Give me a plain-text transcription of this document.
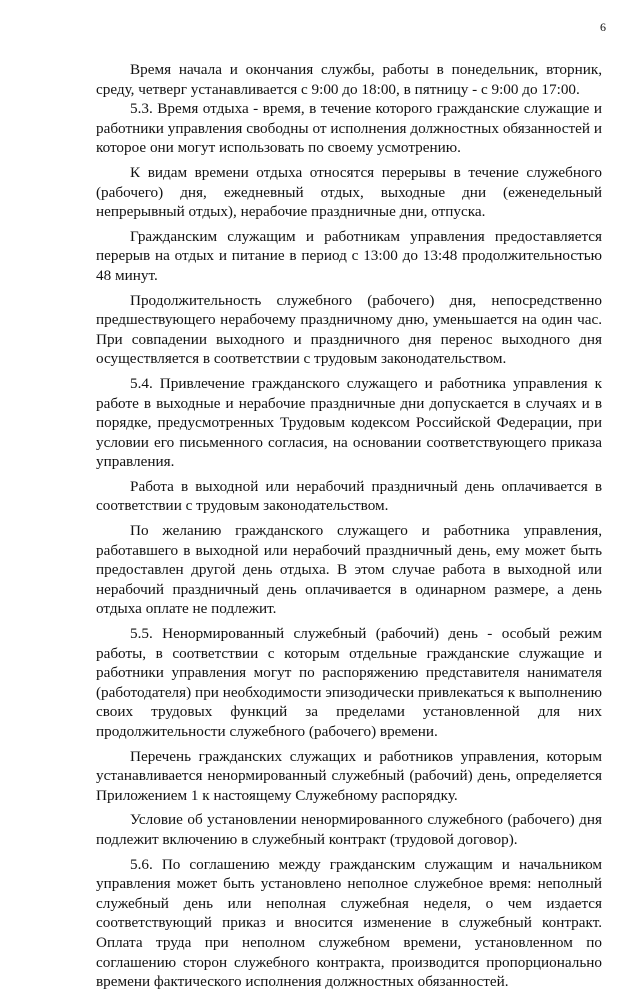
6

Время начала и окончания службы, работы в понедельник, вторник, среду, четверг устанавливается с 9:00 до 18:00, в пятницу - с 9:00 до 17:00.

5.3. Время отдыха - время, в течение которого гражданские служащие и работники управления свободны от исполнения должностных обязанностей и которое они могут использовать по своему усмотрению.

К видам времени отдыха относятся перерывы в течение служебного (рабочего) дня, ежедневный отдых, выходные дни (еженедельный непрерывный отдых), нерабочие праздничные дни, отпуска.

Гражданским служащим и работникам управления предоставляется перерыв на отдых и питание в период с 13:00 до 13:48 продолжительностью 48 минут.

Продолжительность служебного (рабочего) дня, непосредственно предшествующего нерабочему праздничному дню, уменьшается на один час. При совпадении выходного и праздничного дня перенос выходного дня осуществляется в соответствии с трудовым законодательством.

5.4. Привлечение гражданского служащего и работника управления к работе в выходные и нерабочие праздничные дни допускается в случаях и в порядке, предусмотренных Трудовым кодексом Российской Федерации, при условии его письменного согласия, на основании соответствующего приказа управления.

Работа в выходной или нерабочий праздничный день оплачивается в соответствии с трудовым законодательством.

По желанию гражданского служащего и работника управления, работавшего в выходной или нерабочий праздничный день, ему может быть предоставлен другой день отдыха. В этом случае работа в выходной или нерабочий праздничный день оплачивается в одинарном размере, а день отдыха оплате не подлежит.

5.5. Ненормированный служебный (рабочий) день - особый режим работы, в соответствии с которым отдельные гражданские служащие и работники управления могут по распоряжению представителя нанимателя (работодателя) при необходимости эпизодически привлекаться к выполнению своих трудовых функций за пределами установленной для них продолжительности служебного (рабочего) времени.

Перечень гражданских служащих и работников управления, которым устанавливается ненормированный служебный (рабочий) день, определяется Приложением 1 к настоящему Служебному распорядку.

Условие об установлении ненормированного служебного (рабочего) дня подлежит включению в служебный контракт (трудовой договор).

5.6. По соглашению между гражданским служащим и начальником управления может быть установлено неполное служебное время: неполный служебный день или неполная служебная неделя, о чем издается соответствующий приказ и вносится изменение в служебный контракт. Оплата труда при неполном служебном времени, установленном по соглашению сторон служебного контракта, производится пропорционально времени фактического исполнения должностных обязанностей.
